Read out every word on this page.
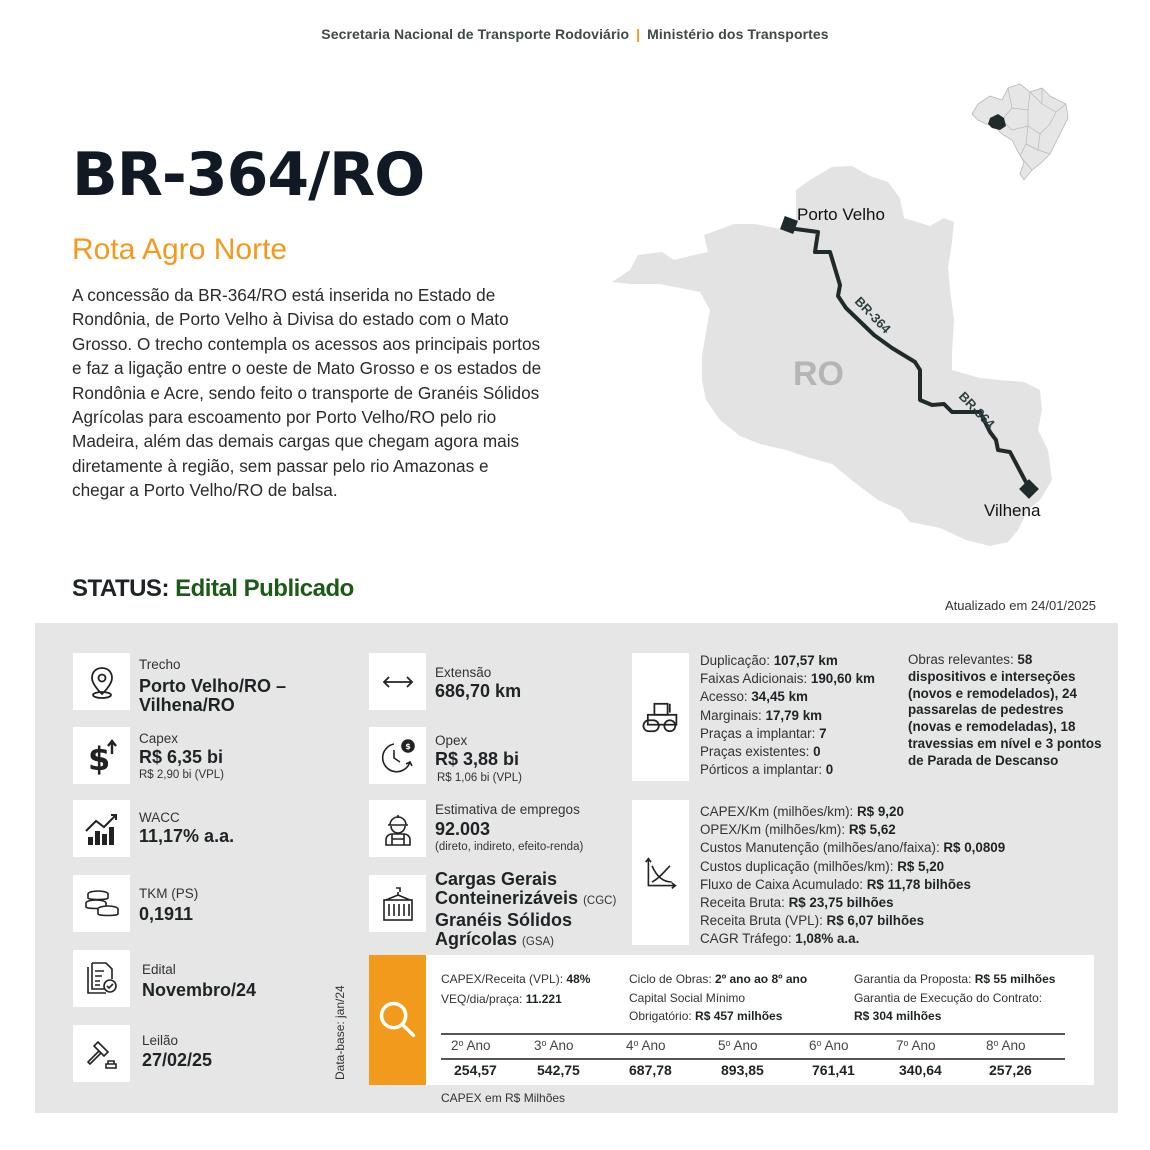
Secretaria Nacional de Transporte Rodoviário | Ministério dos Transportes
BR-364/RO
Rota Agro Norte
A concessão da BR-364/RO está inserida no Estado de Rondônia, de Porto Velho à Divisa do estado com o Mato Grosso. O trecho contempla os acessos aos principais portos e faz a ligação entre o oeste de Mato Grosso e os estados de Rondônia e Acre, sendo feito o transporte de Granéis Sólidos Agrícolas para escoamento por Porto Velho/RO pelo rio Madeira, além das demais cargas que chegam agora mais diretamente à região, sem passar pelo rio Amazonas e chegar a Porto Velho/RO de balsa.
RO
Porto Velho
Vilhena
BR-364
BR-364
STATUS: Edital Publicado
Atualizado em 24/01/2025
Trecho
Porto Velho/RO – Vilhena/RO
$
Capex
R$ 6,35 bi
R$ 2,90 bi (VPL)
WACC
11,17% a.a.
TKM (PS)
0,1911
Edital
Novembro/24
Leilão
27/02/25
Extensão
686,70 km
$ Opex
R$ 3,88 bi
R$ 1,06 bi (VPL)
Estimativa de empregos
92.003
(direto, indireto, efeito-renda)
Cargas Gerais
Conteinerizáveis (CGC)
Granéis Sólidos
Agrícolas (GSA)
Duplicação: 107,57 km
Faixas Adicionais: 190,60 km
Acesso: 34,45 km
Marginais: 17,79 km
Praças a implantar: 7
Praças existentes: 0
Pórticos a implantar: 0
Obras relevantes: 58 dispositivos e interseções (novos e remodelados), 24 passarelas de pedestres (novas e remodeladas), 18 travessias em nível e 3 pontos de Parada de Descanso
CAPEX/Km (milhões/km): R$ 9,20
OPEX/Km (milhões/km): R$ 5,62
Custos Manutenção (milhões/ano/faixa): R$ 0,0809
Custos duplicação (milhões/km): R$ 5,20
Fluxo de Caixa Acumulado: R$ 11,78 bilhões
Receita Bruta: R$ 23,75 bilhões
Receita Bruta (VPL): R$ 6,07 bilhões
CAGR Tráfego: 1,08% a.a.
Data-base: jan/24
CAPEX/Receita (VPL): 48%
VEQ/dia/praça: 11.221
Ciclo de Obras: 2º ano ao 8º ano
Capital Social Mínimo
Obrigatório: R$ 457 milhões
Garantia da Proposta: R$ 55 milhões
Garantia de Execução do Contrato:
R$ 304 milhões
2$^o$ Ano
254,57
3$^o$ Ano
542,75
4$^o$ Ano
687,78
5$^o$ Ano
893,85
6$^o$ Ano
761,41
7$^o$ Ano
340,64
8$^o$ Ano
257,26
CAPEX em R$ Milhões
